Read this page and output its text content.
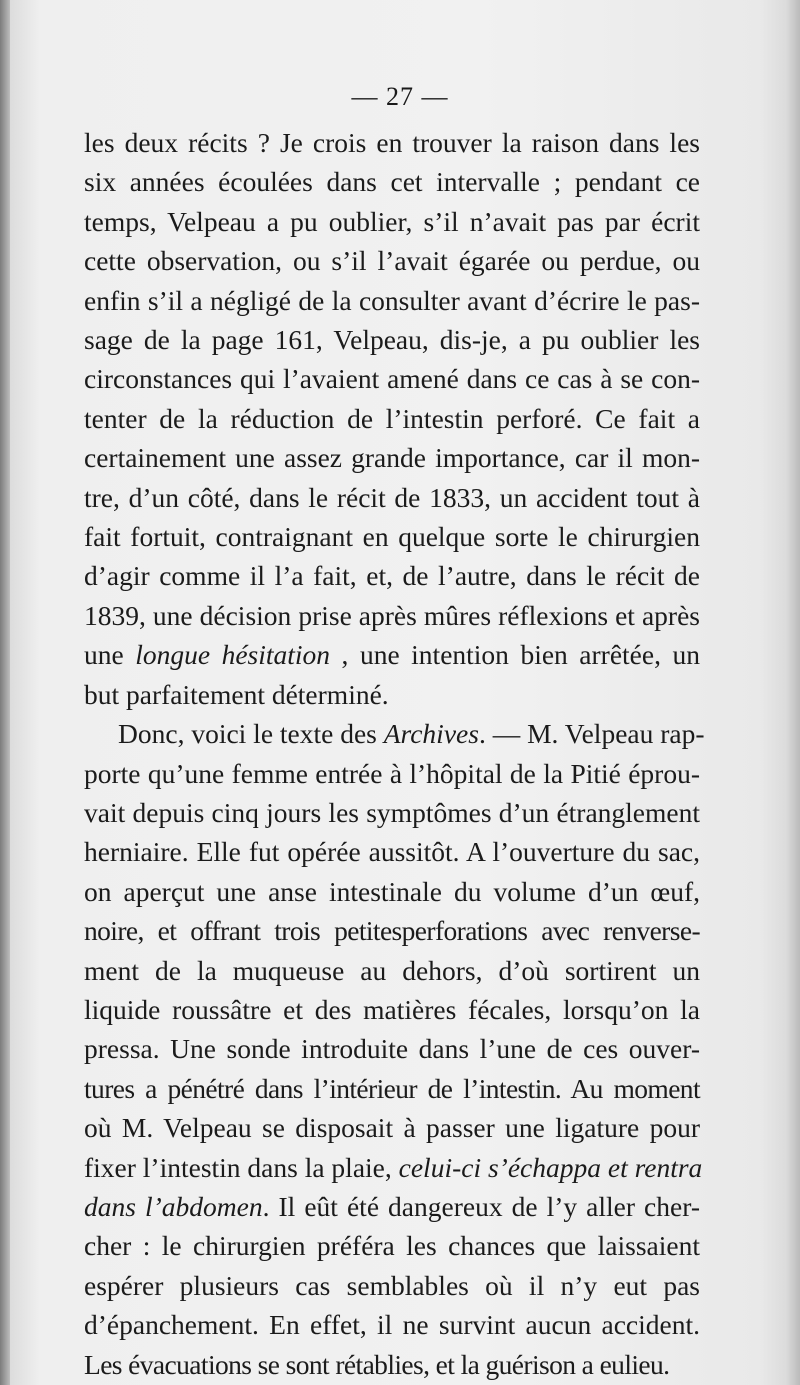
— 27 —
les deux récits ? Je crois en trouver la raison dans les
six années écoulées dans cet intervalle ; pendant ce
temps, Velpeau a pu oublier, s’il n’avait pas par écrit
cette observation, ou s’il l’avait égarée ou perdue, ou
enfin s’il a négligé de la consulter avant d’écrire le pas-
sage de la page 161, Velpeau, dis-je, a pu oublier les
circonstances qui l’avaient amené dans ce cas à se con-
tenter de la réduction de l’intestin perforé. Ce fait a
certainement une assez grande importance, car il mon-
tre, d’un côté, dans le récit de 1833, un accident tout à
fait fortuit, contraignant en quelque sorte le chirurgien
d’agir comme il l’a fait, et, de l’autre, dans le récit de
1839, une décision prise après mûres réflexions et après
une longue hésitation , une intention bien arrêtée, un
but parfaitement déterminé.
Donc, voici le texte des Archives. — M. Velpeau rap-
porte qu’une femme entrée à l’hôpital de la Pitié éprou-
vait depuis cinq jours les symptômes d’un étranglement
herniaire. Elle fut opérée aussitôt. A l’ouverture du sac,
on aperçut une anse intestinale du volume d’un œuf,
noire, et offrant trois petitesperforations avec renverse-
ment de la muqueuse au dehors, d’où sortirent un
liquide roussâtre et des matières fécales, lorsqu’on la
pressa. Une sonde introduite dans l’une de ces ouver-
tures a pénétré dans l’intérieur de l’intestin. Au moment
où M. Velpeau se disposait à passer une ligature pour
fixer l’intestin dans la plaie, celui-ci s’échappa et rentra
dans l’abdomen. Il eût été dangereux de l’y aller cher-
cher : le chirurgien préféra les chances que laissaient
espérer plusieurs cas semblables où il n’y eut pas
d’épanchement. En effet, il ne survint aucun accident.
Les évacuations se sont rétablies, et la guérison a eulieu.
